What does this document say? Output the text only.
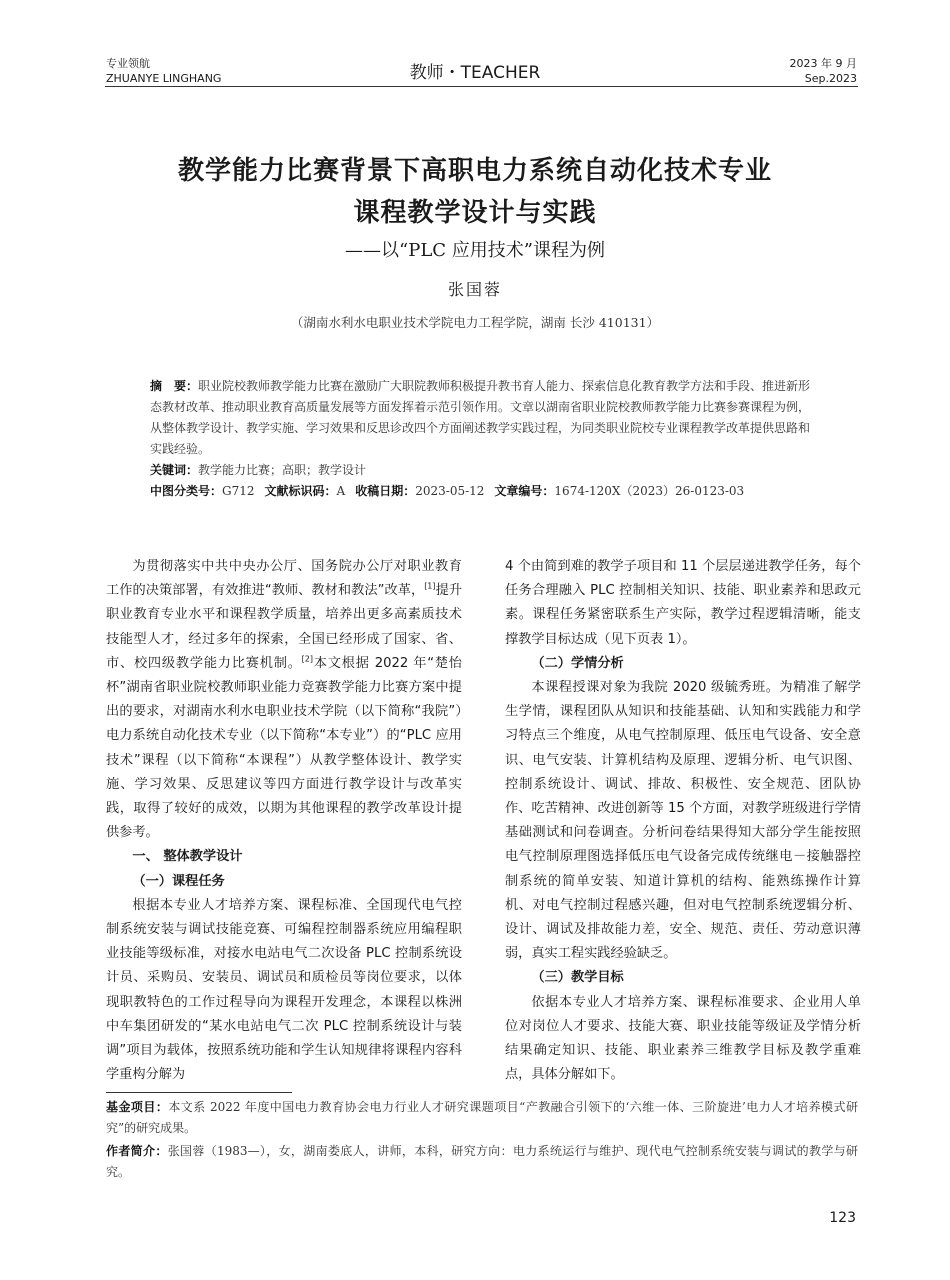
专业领航
ZHUANYE LINGHANG	教师・TEACHER	2023 年 9 月
Sep.2023
教学能力比赛背景下高职电力系统自动化技术专业
课程教学设计与实践
——以“PLC 应用技术”课程为例
张国蓉
（湖南水利水电职业技术学院电力工程学院，湖南 长沙 410131）

摘　要：职业院校教师教学能力比赛在激励广大职院教师积极提升教书育人能力、探索信息化教育教学方法和手段、推进新形态教材改革、推动职业教育高质量发展等方面发挥着示范引领作用。文章以湖南省职业院校教师教学能力比赛参赛课程为例，从整体教学设计、教学实施、学习效果和反思诊改四个方面阐述教学实践过程，为同类职业院校专业课程教学改革提供思路和实践经验。

关键词：教学能力比赛；高职；教学设计

中图分类号：G712 文献标识码：A 收稿日期：2023-05-12 文章编号：1674-120X（2023）26-0123-03

为贯彻落实中共中央办公厅、国务院办公厅对职业教育工作的决策部署，有效推进“教师、教材和教法”改革，[1]提升职业教育专业水平和课程教学质量，培养出更多高素质技术技能型人才，经过多年的探索，全国已经形成了国家、省、市、校四级教学能力比赛机制。[2]本文根据 2022 年“楚怡杯”湖南省职业院校教师职业能力竞赛教学能力比赛方案中提出的要求，对湖南水利水电职业技术学院（以下简称“我院”）电力系统自动化技术专业（以下简称“本专业”）的“PLC 应用技术”课程（以下简称“本课程”）从教学整体设计、教学实施、学习效果、反思建议等四方面进行教学设计与改革实践，取得了较好的成效，以期为其他课程的教学改革设计提供参考。

一、 整体教学设计
（一）课程任务

根据本专业人才培养方案、课程标准、全国现代电气控制系统安装与调试技能竞赛、可编程控制器系统应用编程职业技能等级标准，对接水电站电气二次设备 PLC 控制系统设计员、采购员、安装员、调试员和质检员等岗位要求，以体现职教特色的工作过程导向为课程开发理念，本课程以株洲中车集团研发的“某水电站电气二次 PLC 控制系统设计与装调”项目为载体，按照系统功能和学生认知规律将课程内容科学重构分解为

4 个由简到难的教学子项目和 11 个层层递进教学任务，每个任务合理融入 PLC 控制相关知识、技能、职业素养和思政元素。课程任务紧密联系生产实际，教学过程逻辑清晰，能支撑教学目标达成（见下页表 1）。

（二）学情分析

本课程授课对象为我院 2020 级毓秀班。为精准了解学生学情，课程团队从知识和技能基础、认知和实践能力和学习特点三个维度，从电气控制原理、低压电气设备、安全意识、电气安装、计算机结构及原理、逻辑分析、电气识图、控制系统设计、调试、排故、积极性、安全规范、团队协作、吃苦精神、改进创新等 15 个方面，对教学班级进行学情基础测试和问卷调查。分析问卷结果得知大部分学生能按照电气控制原理图选择低压电气设备完成传统继电－接触器控制系统的简单安装、知道计算机的结构、能熟练操作计算机、对电气控制过程感兴趣，但对电气控制系统逻辑分析、设计、调试及排故能力差，安全、规范、责任、劳动意识薄弱，真实工程实践经验缺乏。

（三）教学目标

依据本专业人才培养方案、课程标准要求、企业用人单位对岗位人才要求、技能大赛、职业技能等级证及学情分析结果确定知识、技能、职业素养三维教学目标及教学重难点，具体分解如下。

基金项目：本文系 2022 年度中国电力教育协会电力行业人才研究课题项目“产教融合引领下的‘六维一体、三阶旋进’电力人才培养模式研究”的研究成果。

作者简介：张国蓉（1983—），女，湖南娄底人，讲师，本科，研究方向：电力系统运行与维护、现代电气控制系统安装与调试的教学与研究。

123
